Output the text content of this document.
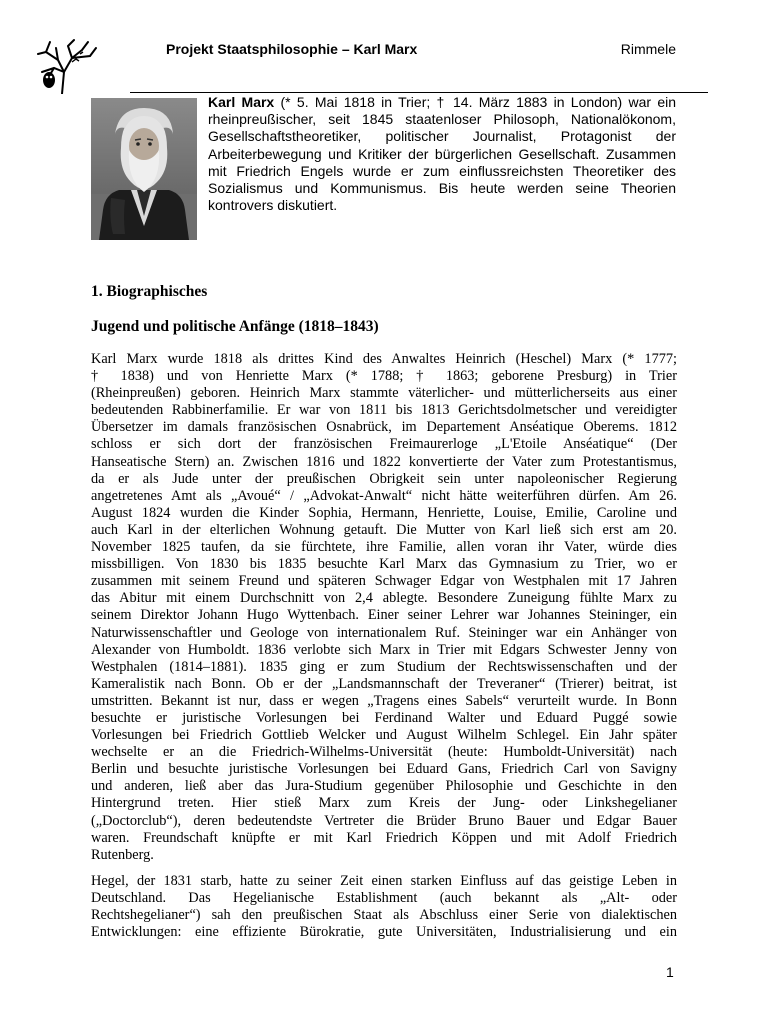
Projekt Staatsphilosophie – Karl Marx	Rimmele
Karl Marx (* 5. Mai 1818 in Trier; † 14. März 1883 in London) war ein rheinpreußischer, seit 1845 staatenloser Philosoph, Nationalökonom, Gesellschaftstheoretiker, politischer Journalist, Protagonist der Arbeiterbewegung und Kritiker der bürgerlichen Gesellschaft. Zusammen mit Friedrich Engels wurde er zum einflussreichsten Theoretiker des Sozialismus und Kommunismus. Bis heute werden seine Theorien kontrovers diskutiert.
1. Biographisches
Jugend und politische Anfänge (1818–1843)
Karl Marx wurde 1818 als drittes Kind des Anwaltes Heinrich (Heschel) Marx (* 1777;
† 1838) und von Henriette Marx (* 1788; † 1863; geborene Presburg) in Trier
(Rheinpreußen) geboren. Heinrich Marx stammte väterlicher- und mütterlicherseits aus einer
bedeutenden Rabbinerfamilie. Er war von 1811 bis 1813 Gerichtsdolmetscher und vereidigter
Übersetzer im damals französischen Osnabrück, im Departement Anséatique Oberems. 1812
schloss er sich dort der französischen Freimaurerloge „L'Etoile Anséatique“ (Der
Hanseatische Stern) an. Zwischen 1816 und 1822 konvertierte der Vater zum Protestantismus,
da er als Jude unter der preußischen Obrigkeit sein unter napoleonischer Regierung
angetretenes Amt als „Avoué“ / „Advokat-Anwalt“ nicht hätte weiterführen dürfen. Am 26.
August 1824 wurden die Kinder Sophia, Hermann, Henriette, Louise, Emilie, Caroline und
auch Karl in der elterlichen Wohnung getauft. Die Mutter von Karl ließ sich erst am 20.
November 1825 taufen, da sie fürchtete, ihre Familie, allen voran ihr Vater, würde dies
missbilligen. Von 1830 bis 1835 besuchte Karl Marx das Gymnasium zu Trier, wo er
zusammen mit seinem Freund und späteren Schwager Edgar von Westphalen mit 17 Jahren
das Abitur mit einem Durchschnitt von 2,4 ablegte. Besondere Zuneigung fühlte Marx zu
seinem Direktor Johann Hugo Wyttenbach. Einer seiner Lehrer war Johannes Steininger, ein
Naturwissenschaftler und Geologe von internationalem Ruf. Steininger war ein Anhänger von
Alexander von Humboldt. 1836 verlobte sich Marx in Trier mit Edgars Schwester Jenny von
Westphalen (1814–1881). 1835 ging er zum Studium der Rechtswissenschaften und der
Kameralistik nach Bonn. Ob er der „Landsmannschaft der Treveraner“ (Trierer) beitrat, ist
umstritten. Bekannt ist nur, dass er wegen „Tragens eines Sabels“ verurteilt wurde. In Bonn
besuchte er juristische Vorlesungen bei Ferdinand Walter und Eduard Puggé sowie
Vorlesungen bei Friedrich Gottlieb Welcker und August Wilhelm Schlegel. Ein Jahr später
wechselte er an die Friedrich-Wilhelms-Universität (heute: Humboldt-Universität) nach
Berlin und besuchte juristische Vorlesungen bei Eduard Gans, Friedrich Carl von Savigny
und anderen, ließ aber das Jura-Studium gegenüber Philosophie und Geschichte in den
Hintergrund treten. Hier stieß Marx zum Kreis der Jung- oder Linkshegelianer
(„Doctorclub“), deren bedeutendste Vertreter die Brüder Bruno Bauer und Edgar Bauer
waren. Freundschaft knüpfte er mit Karl Friedrich Köppen und mit Adolf Friedrich
Rutenberg.
Hegel, der 1831 starb, hatte zu seiner Zeit einen starken Einfluss auf das geistige Leben in
Deutschland. Das Hegelianische Establishment (auch bekannt als „Alt- oder
Rechtshegelianer“) sah den preußischen Staat als Abschluss einer Serie von dialektischen
Entwicklungen: eine effiziente Bürokratie, gute Universitäten, Industrialisierung und ein
1
